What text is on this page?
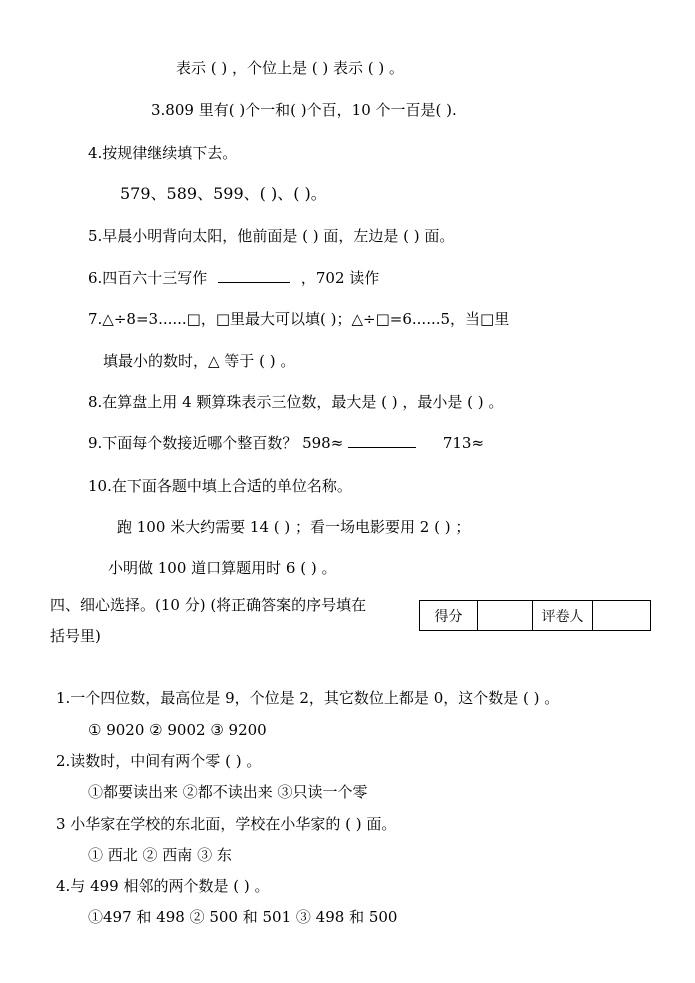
表示 ( ) ，个位上是 ( ) 表示 ( ) 。
3.809 里有( )个一和( )个百，10 个一百是( ).
4.按规律继续填下去。
579、589、599、( )、( )。
5.早晨小明背向太阳，他前面是 ( ) 面，左边是 ( ) 面。
6.四百六十三写作	，702 读作
7.△÷8=3......□，□里最大可以填( )；△÷□=6......5，当□里
填最小的数时，△ 等于 ( ) 。
8.在算盘上用 4 颗算珠表示三位数，最大是 ( ) ，最小是 ( ) 。
9.下面每个数接近哪个整百数？ 598≈	713≈
10.在下面各题中填上合适的单位名称。
跑 100 米大约需要 14 ( ) ；看一场电影要用 2 ( ) ；
小明做 100 道口算题用时 6 ( ) 。
四、细心选择。(10 分) (将正确答案的序号填在
括号里)
得分	评卷人
1.一个四位数，最高位是 9，个位是 2，其它数位上都是 0，这个数是 ( ) 。
① 9020 ② 9002 ③ 9200
2.读数时，中间有两个零 ( ) 。
①都要读出来 ②都不读出来 ③只读一个零
3 小华家在学校的东北面，学校在小华家的 ( ) 面。
① 西北 ② 西南 ③ 东
4.与 499 相邻的两个数是 ( ) 。
①497 和 498 ② 500 和 501 ③ 498 和 500
